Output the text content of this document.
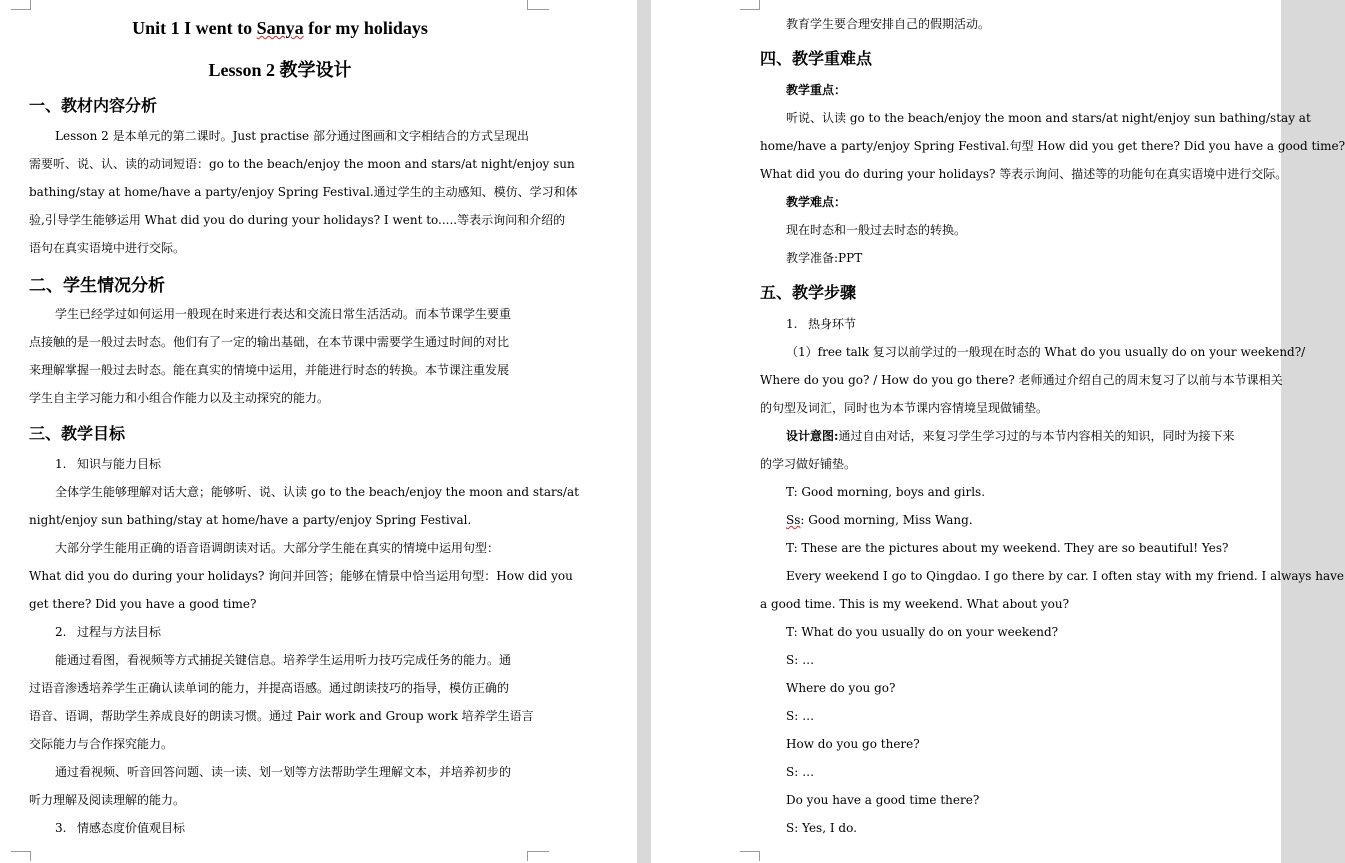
Unit 1 I went to Sanya for my holidays
Lesson 2 教学设计
一、教材内容分析
Lesson 2 是本单元的第二课时。Just practise 部分通过图画和文字相结合的方式呈现出
需要听、说、认、读的动词短语：go to the beach/enjoy the moon and stars/at night/enjoy sun
bathing/stay at home/have a party/enjoy Spring Festival.通过学生的主动感知、模仿、学习和体
验,引导学生能够运用 What did you do during your holidays? I went to.....等表示询问和介绍的
语句在真实语境中进行交际。
二、学生情况分析
学生已经学过如何运用一般现在时来进行表达和交流日常生活活动。而本节课学生要重
点接触的是一般过去时态。他们有了一定的输出基础，在本节课中需要学生通过时间的对比
来理解掌握一般过去时态。能在真实的情境中运用，并能进行时态的转换。本节课注重发展
学生自主学习能力和小组合作能力以及主动探究的能力。
三、教学目标
1. 知识与能力目标
全体学生能够理解对话大意；能够听、说、认读 go to the beach/enjoy the moon and stars/at
night/enjoy sun bathing/stay at home/have a party/enjoy Spring Festival.
大部分学生能用正确的语音语调朗读对话。大部分学生能在真实的情境中运用句型：
What did you do during your holidays? 询问并回答；能够在情景中恰当运用句型：How did you
get there? Did you have a good time?
2. 过程与方法目标
能通过看图，看视频等方式捕捉关键信息。培养学生运用听力技巧完成任务的能力。通
过语音渗透培养学生正确认读单词的能力，并提高语感。通过朗读技巧的指导，模仿正确的
语音、语调，帮助学生养成良好的朗读习惯。通过 Pair work and Group work 培养学生语言
交际能力与合作探究能力。
通过看视频、听音回答问题、读一读、划一划等方法帮助学生理解文本，并培养初步的
听力理解及阅读理解的能力。
3. 情感态度价值观目标
教育学生要合理安排自己的假期活动。
四、教学重难点
教学重点：
听说、认读 go to the beach/enjoy the moon and stars/at night/enjoy sun bathing/stay at
home/have a party/enjoy Spring Festival.句型 How did you get there? Did you have a good time?
What did you do during your holidays? 等表示询问、描述等的功能句在真实语境中进行交际。
教学难点：
现在时态和一般过去时态的转换。
教学准备:PPT
五、教学步骤
1. 热身环节
（1）free talk 复习以前学过的一般现在时态的 What do you usually do on your weekend?/
Where do you go? / How do you go there? 老师通过介绍自己的周末复习了以前与本节课相关
的句型及词汇，同时也为本节课内容情境呈现做铺垫。
设计意图:通过自由对话，来复习学生学习过的与本节内容相关的知识，同时为接下来
的学习做好铺垫。
T: Good morning, boys and girls.
Ss: Good morning, Miss Wang.
T: These are the pictures about my weekend. They are so beautiful! Yes?
Every weekend I go to Qingdao. I go there by car. I often stay with my friend. I always have
a good time. This is my weekend. What about you?
T: What do you usually do on your weekend?
S: …
Where do you go?
S: …
How do you go there?
S: …
Do you have a good time there?
S: Yes, I do.
